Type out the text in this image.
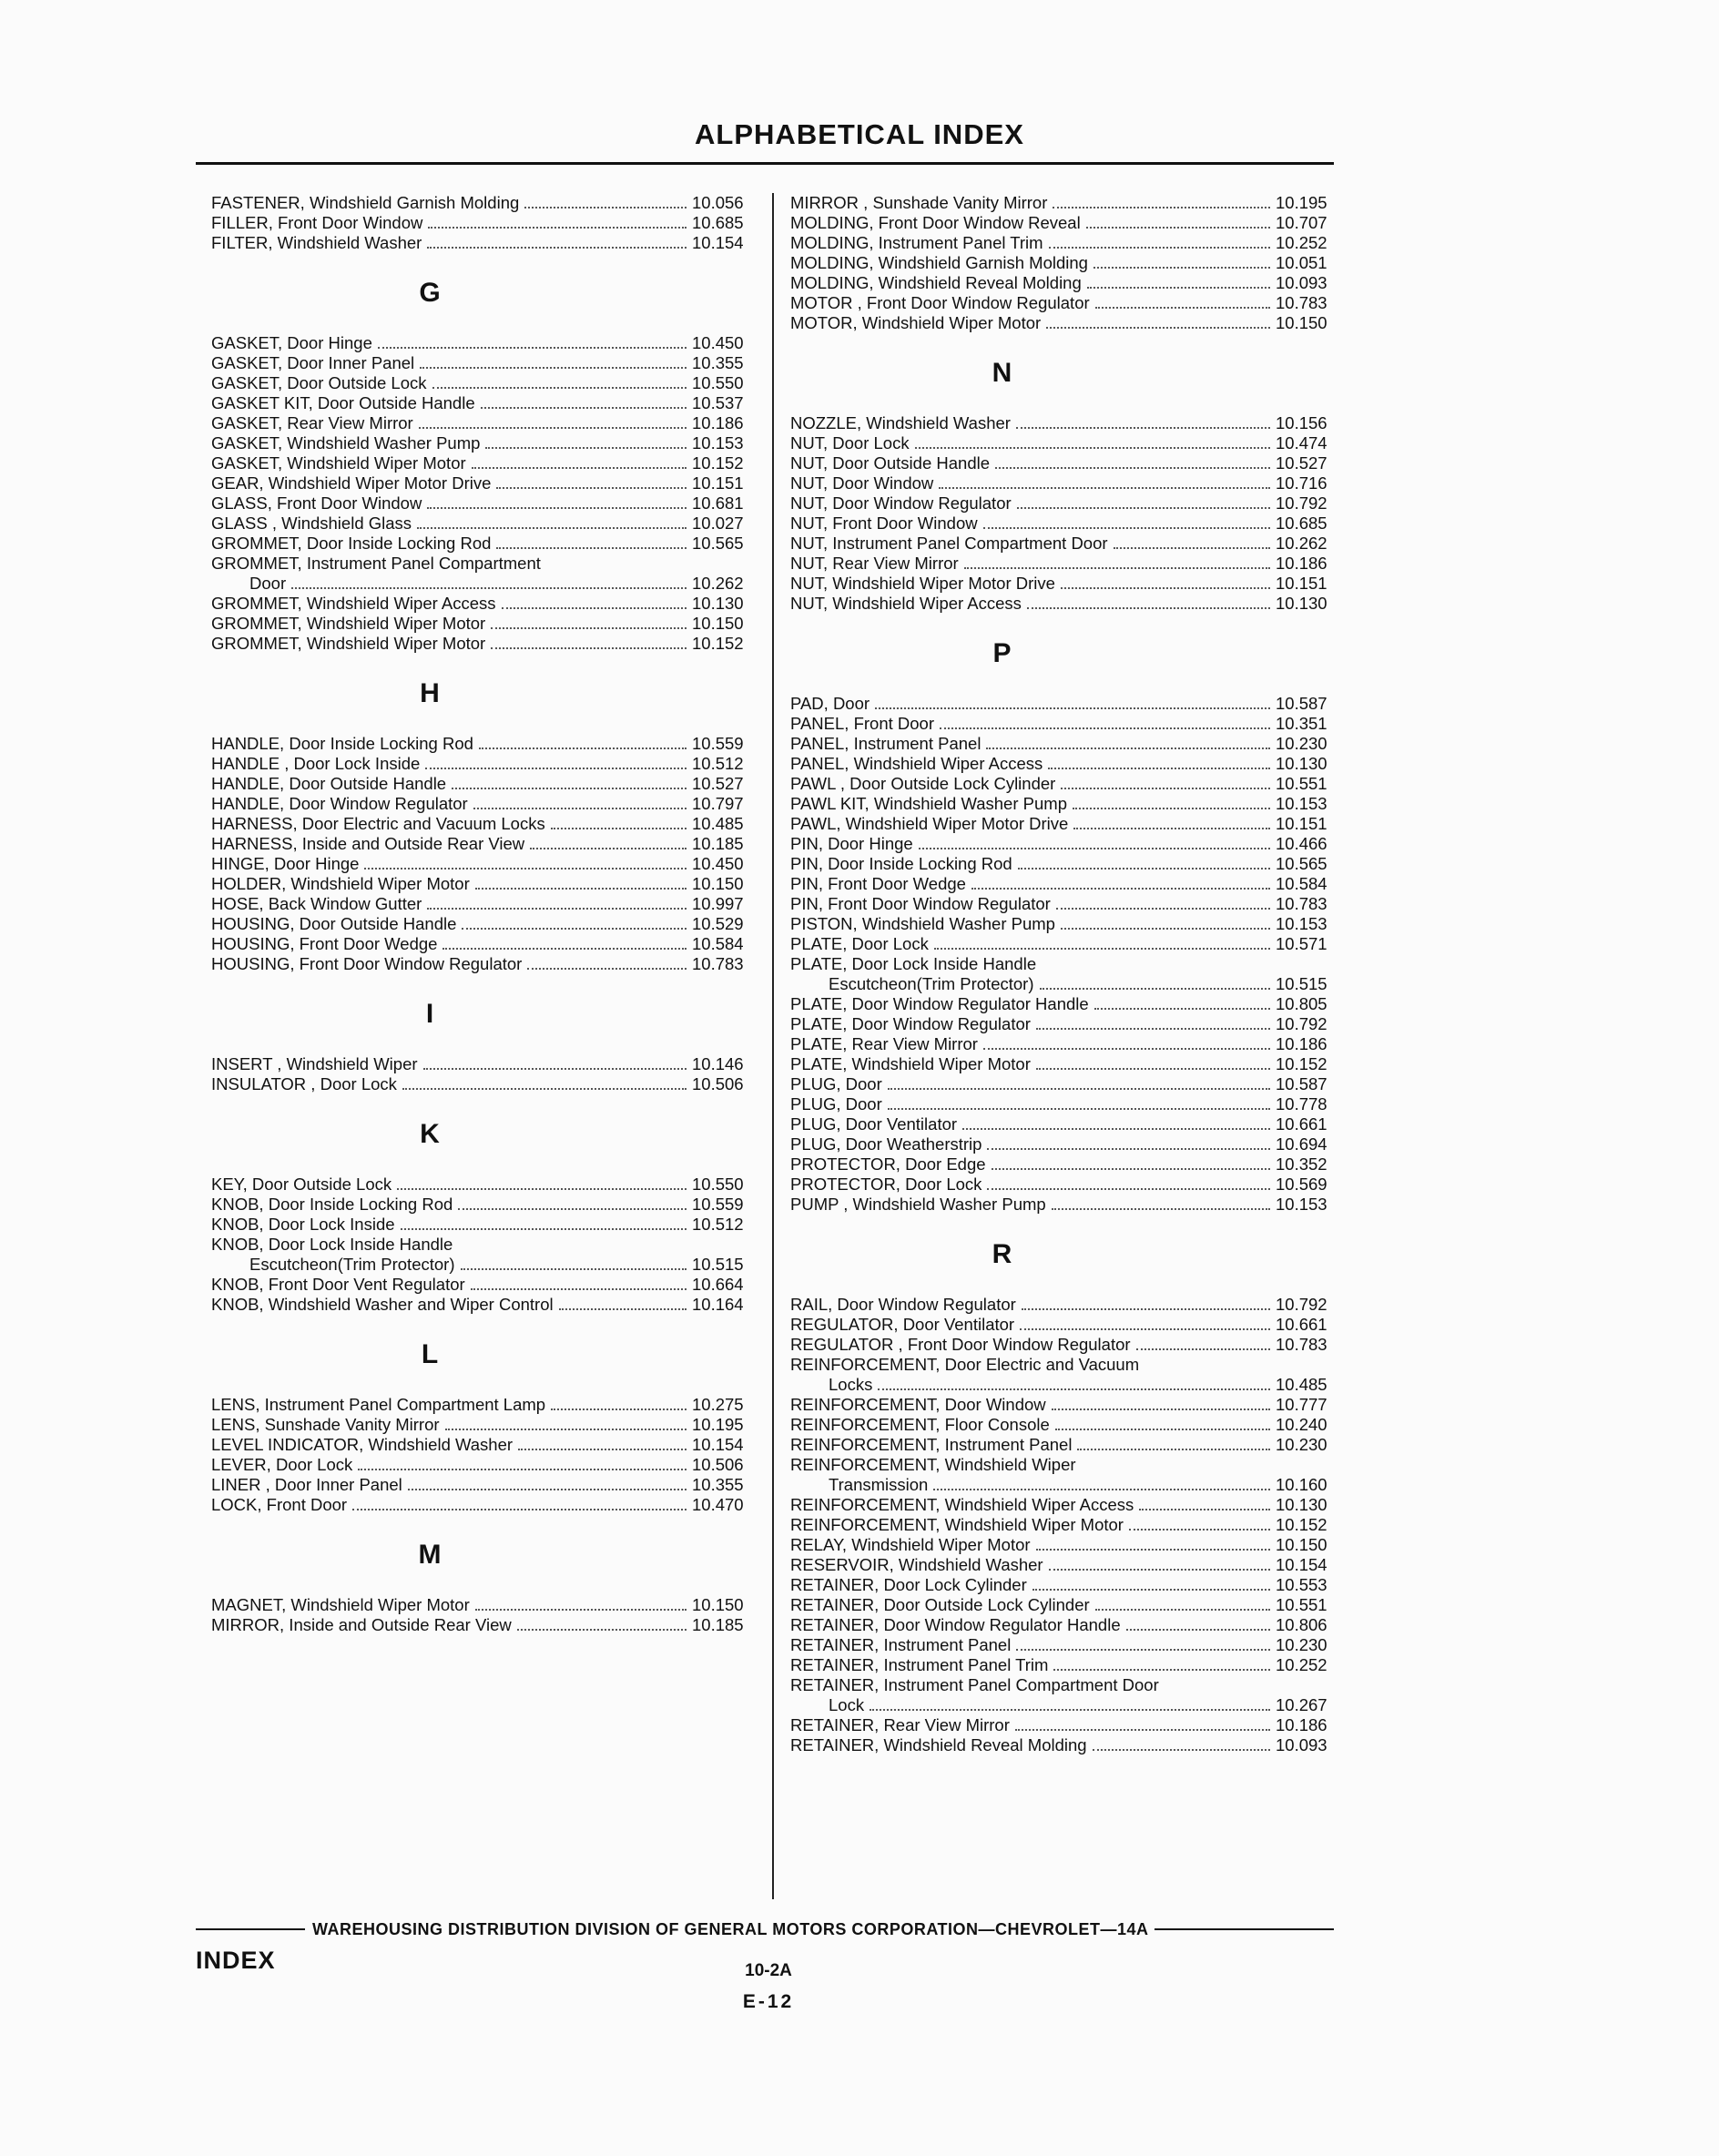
ALPHABETICAL INDEX
FASTENER, Windshield Garnish Molding	10.056
FILLER, Front Door Window	10.685
FILTER, Windshield Washer	10.154
G
GASKET, Door Hinge	10.450
GASKET, Door Inner Panel	10.355
GASKET, Door Outside Lock	10.550
GASKET KIT, Door Outside Handle	10.537
GASKET, Rear View Mirror	10.186
GASKET, Windshield Washer Pump	10.153
GASKET, Windshield Wiper Motor	10.152
GEAR, Windshield Wiper Motor Drive	10.151
GLASS, Front Door Window	10.681
GLASS , Windshield Glass	10.027
GROMMET, Door Inside Locking Rod	10.565
GROMMET, Instrument Panel Compartment
Door	10.262
GROMMET, Windshield Wiper Access	10.130
GROMMET, Windshield Wiper Motor	10.150
GROMMET, Windshield Wiper Motor	10.152
H
HANDLE, Door Inside Locking Rod	10.559
HANDLE , Door Lock Inside	10.512
HANDLE, Door Outside Handle	10.527
HANDLE, Door Window Regulator	10.797
HARNESS, Door Electric and Vacuum Locks	10.485
HARNESS, Inside and Outside Rear View	10.185
HINGE, Door Hinge	10.450
HOLDER, Windshield Wiper Motor	10.150
HOSE, Back Window Gutter	10.997
HOUSING, Door Outside Handle	10.529
HOUSING, Front Door Wedge	10.584
HOUSING, Front Door Window Regulator	10.783
I
INSERT , Windshield Wiper	10.146
INSULATOR , Door Lock	10.506
K
KEY, Door Outside Lock	10.550
KNOB, Door Inside Locking Rod	10.559
KNOB, Door Lock Inside	10.512
KNOB, Door Lock Inside Handle
Escutcheon(Trim Protector)	10.515
KNOB, Front Door Vent Regulator	10.664
KNOB, Windshield Washer and Wiper Control	10.164
L
LENS, Instrument Panel Compartment Lamp	10.275
LENS, Sunshade Vanity Mirror	10.195
LEVEL INDICATOR, Windshield Washer	10.154
LEVER, Door Lock	10.506
LINER , Door Inner Panel	10.355
LOCK, Front Door	10.470
M
MAGNET, Windshield Wiper Motor	10.150
MIRROR, Inside and Outside Rear View	10.185
MIRROR , Sunshade Vanity Mirror	10.195
MOLDING, Front Door Window Reveal	10.707
MOLDING, Instrument Panel Trim	10.252
MOLDING, Windshield Garnish Molding	10.051
MOLDING, Windshield Reveal Molding	10.093
MOTOR , Front Door Window Regulator	10.783
MOTOR, Windshield Wiper Motor	10.150
N
NOZZLE, Windshield Washer	10.156
NUT, Door Lock	10.474
NUT, Door Outside Handle	10.527
NUT, Door Window	10.716
NUT, Door Window Regulator	10.792
NUT, Front Door Window	10.685
NUT, Instrument Panel Compartment Door	10.262
NUT, Rear View Mirror	10.186
NUT, Windshield Wiper Motor Drive	10.151
NUT, Windshield Wiper Access	10.130
P
PAD, Door	10.587
PANEL, Front Door	10.351
PANEL, Instrument Panel	10.230
PANEL, Windshield Wiper Access	10.130
PAWL , Door Outside Lock Cylinder	10.551
PAWL KIT, Windshield Washer Pump	10.153
PAWL, Windshield Wiper Motor Drive	10.151
PIN, Door Hinge	10.466
PIN, Door Inside Locking Rod	10.565
PIN, Front Door Wedge	10.584
PIN, Front Door Window Regulator	10.783
PISTON, Windshield Washer Pump	10.153
PLATE, Door Lock	10.571
PLATE, Door Lock Inside Handle
Escutcheon(Trim Protector)	10.515
PLATE, Door Window Regulator Handle	10.805
PLATE, Door Window Regulator	10.792
PLATE, Rear View Mirror	10.186
PLATE, Windshield Wiper Motor	10.152
PLUG, Door	10.587
PLUG, Door	10.778
PLUG, Door Ventilator	10.661
PLUG, Door Weatherstrip	10.694
PROTECTOR, Door Edge	10.352
PROTECTOR, Door Lock	10.569
PUMP , Windshield Washer Pump	10.153
R
RAIL, Door Window Regulator	10.792
REGULATOR, Door Ventilator	10.661
REGULATOR , Front Door Window Regulator	10.783
REINFORCEMENT, Door Electric and Vacuum
Locks	10.485
REINFORCEMENT, Door Window	10.777
REINFORCEMENT, Floor Console	10.240
REINFORCEMENT, Instrument Panel	10.230
REINFORCEMENT, Windshield Wiper
Transmission	10.160
REINFORCEMENT, Windshield Wiper Access	10.130
REINFORCEMENT, Windshield Wiper Motor	10.152
RELAY, Windshield Wiper Motor	10.150
RESERVOIR, Windshield Washer	10.154
RETAINER, Door Lock Cylinder	10.553
RETAINER, Door Outside Lock Cylinder	10.551
RETAINER, Door Window Regulator Handle	10.806
RETAINER, Instrument Panel	10.230
RETAINER, Instrument Panel Trim	10.252
RETAINER, Instrument Panel Compartment Door
Lock	10.267
RETAINER, Rear View Mirror	10.186
RETAINER, Windshield Reveal Molding	10.093
WAREHOUSING DISTRIBUTION DIVISION OF GENERAL MOTORS CORPORATION—CHEVROLET—14A
INDEX	10-2A
E-12
